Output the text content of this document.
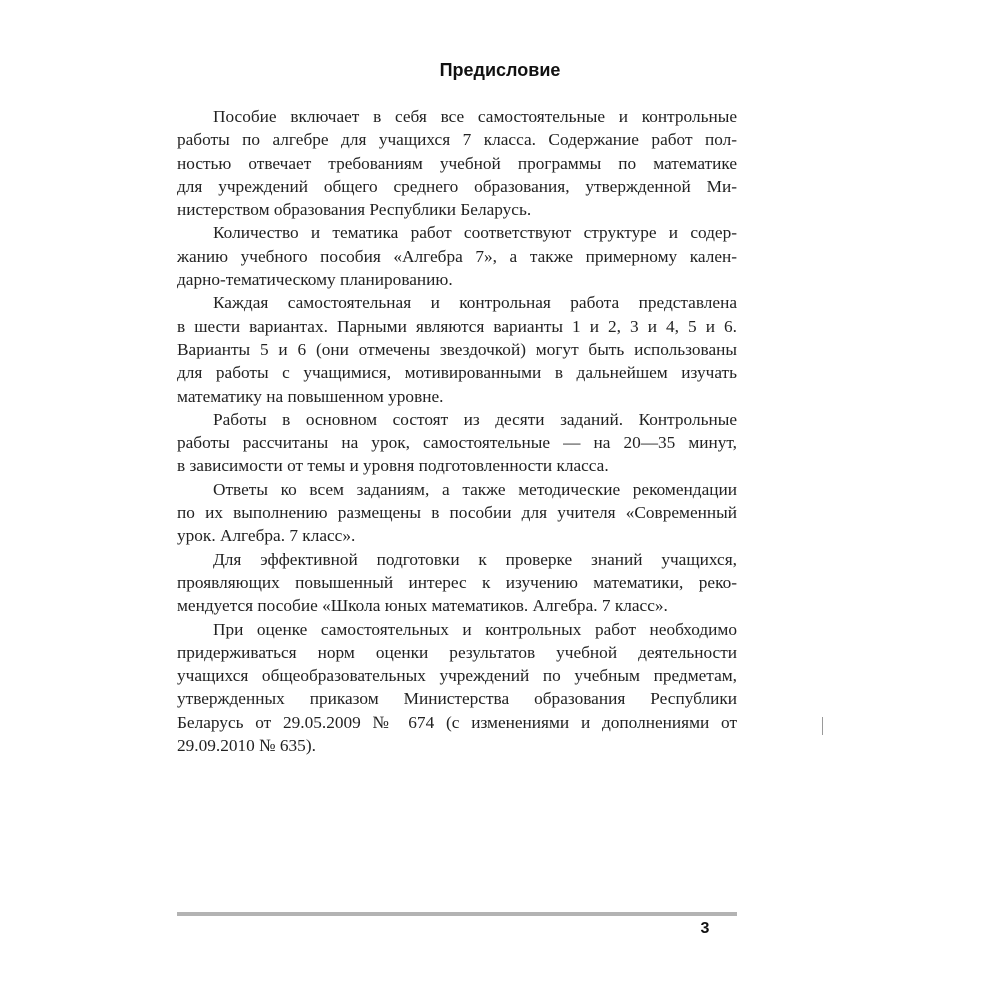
Предисловие
Пособие включает в себя все самостоятельные и контрольные
работы по алгебре для учащихся 7 класса. Содержание работ пол-
ностью отвечает требованиям учебной программы по математике
для учреждений общего среднего образования, утвержденной Ми-
нистерством образования Республики Беларусь.
Количество и тематика работ соответствуют структуре и содер-
жанию учебного пособия «Алгебра 7», а также примерному кален-
дарно-тематическому планированию.
Каждая самостоятельная и контрольная работа представлена
в шести вариантах. Парными являются варианты 1 и 2, 3 и 4, 5 и 6.
Варианты 5 и 6 (они отмечены звездочкой) могут быть использованы
для работы с учащимися, мотивированными в дальнейшем изучать
математику на повышенном уровне.
Работы в основном состоят из десяти заданий. Контрольные
работы рассчитаны на урок, самостоятельные — на 20—35 минут,
в зависимости от темы и уровня подготовленности класса.
Ответы ко всем заданиям, а также методические рекомендации
по их выполнению размещены в пособии для учителя «Современный
урок. Алгебра. 7 класс».
Для эффективной подготовки к проверке знаний учащихся,
проявляющих повышенный интерес к изучению математики, реко-
мендуется пособие «Школа юных математиков. Алгебра. 7 класс».
При оценке самостоятельных и контрольных работ необходимо
придерживаться норм оценки результатов учебной деятельности
учащихся общеобразовательных учреждений по учебным предметам,
утвержденных приказом Министерства образования Республики
Беларусь от 29.05.2009 № 674 (с изменениями и дополнениями от
29.09.2010 № 635).
3
